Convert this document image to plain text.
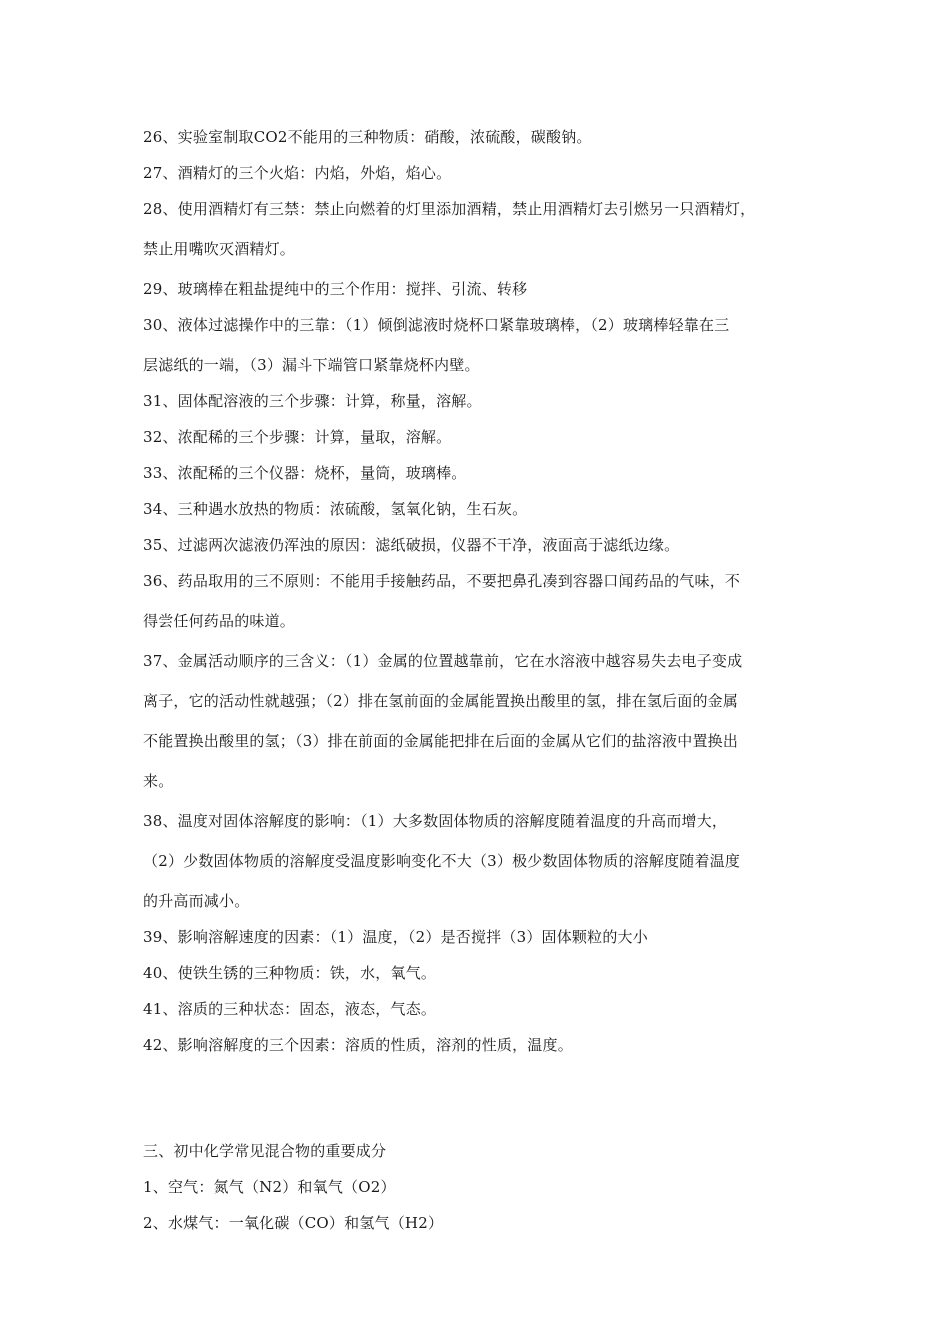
26、实验室制取CO2不能用的三种物质：硝酸，浓硫酸，碳酸钠。
27、酒精灯的三个火焰：内焰，外焰，焰心。
28、使用酒精灯有三禁：禁止向燃着的灯里添加酒精，禁止用酒精灯去引燃另一只酒精灯，
禁止用嘴吹灭酒精灯。
29、玻璃棒在粗盐提纯中的三个作用：搅拌、引流、转移
30、液体过滤操作中的三靠：（1）倾倒滤液时烧杯口紧靠玻璃棒，（2）玻璃棒轻靠在三
层滤纸的一端，（3）漏斗下端管口紧靠烧杯内壁。
31、固体配溶液的三个步骤：计算，称量，溶解。
32、浓配稀的三个步骤：计算，量取，溶解。
33、浓配稀的三个仪器：烧杯，量筒，玻璃棒。
34、三种遇水放热的物质：浓硫酸，氢氧化钠，生石灰。
35、过滤两次滤液仍浑浊的原因：滤纸破损，仪器不干净，液面高于滤纸边缘。
36、药品取用的三不原则：不能用手接触药品，不要把鼻孔凑到容器口闻药品的气味，不
得尝任何药品的味道。
37、金属活动顺序的三含义：（1）金属的位置越靠前，它在水溶液中越容易失去电子变成
离子，它的活动性就越强；（2）排在氢前面的金属能置换出酸里的氢，排在氢后面的金属
不能置换出酸里的氢；（3）排在前面的金属能把排在后面的金属从它们的盐溶液中置换出
来。
38、温度对固体溶解度的影响：（1）大多数固体物质的溶解度随着温度的升高而增大，
（2）少数固体物质的溶解度受温度影响变化不大（3）极少数固体物质的溶解度随着温度
的升高而减小。
39、影响溶解速度的因素：（1）温度，（2）是否搅拌（3）固体颗粒的大小
40、使铁生锈的三种物质：铁，水，氧气。
41、溶质的三种状态：固态，液态，气态。
42、影响溶解度的三个因素：溶质的性质，溶剂的性质，温度。
三、初中化学常见混合物的重要成分
1、空气：氮气（N2）和氧气（O2）
2、水煤气：一氧化碳（CO）和氢气（H2）
